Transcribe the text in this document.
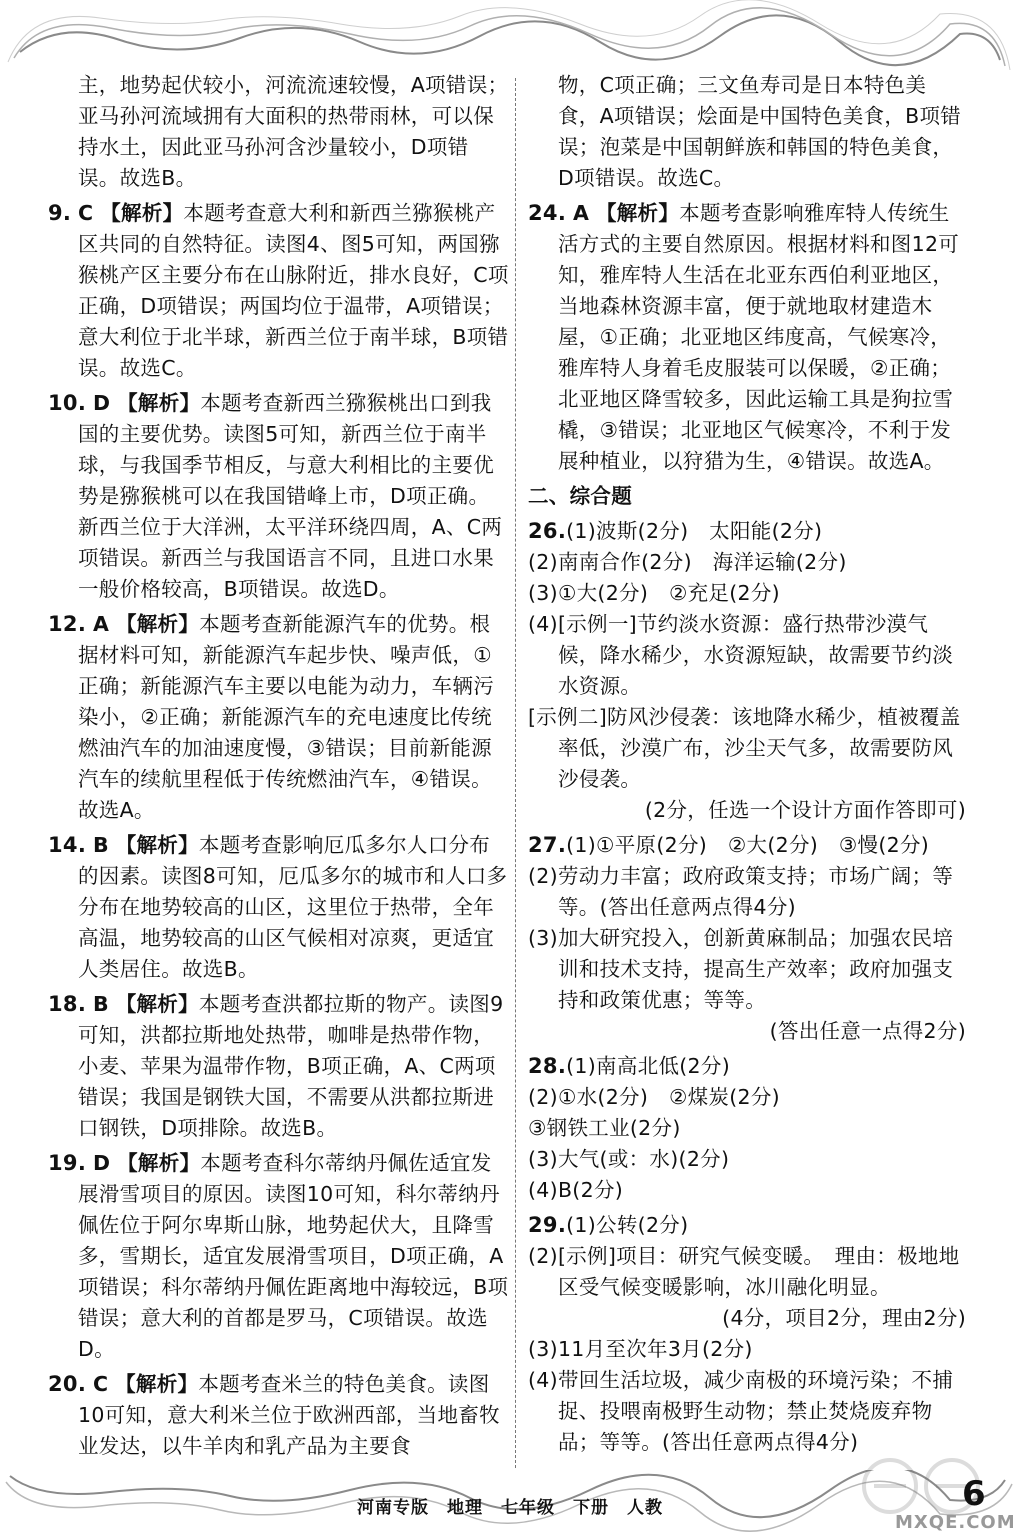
主，地势起伏较小，河流流速较慢，A项错误；亚马孙河流域拥有大面积的热带雨林，可以保持水土，因此亚马孙河含沙量较小，D项错误。故选B。
9. C 【解析】本题考查意大利和新西兰猕猴桃产区共同的自然特征。读图4、图5可知，两国猕猴桃产区主要分布在山脉附近，排水良好，C项正确，D项错误；两国均位于温带，A项错误；意大利位于北半球，新西兰位于南半球，B项错误。故选C。
10. D 【解析】本题考查新西兰猕猴桃出口到我国的主要优势。读图5可知，新西兰位于南半球，与我国季节相反，与意大利相比的主要优势是猕猴桃可以在我国错峰上市，D项正确。新西兰位于大洋洲，太平洋环绕四周，A、C两项错误。新西兰与我国语言不同，且进口水果一般价格较高，B项错误。故选D。
12. A 【解析】本题考查新能源汽车的优势。根据材料可知，新能源汽车起步快、噪声低，①正确；新能源汽车主要以电能为动力，车辆污染小，②正确；新能源汽车的充电速度比传统燃油汽车的加油速度慢，③错误；目前新能源汽车的续航里程低于传统燃油汽车，④错误。故选A。
14. B 【解析】本题考查影响厄瓜多尔人口分布的因素。读图8可知，厄瓜多尔的城市和人口多分布在地势较高的山区，这里位于热带，全年高温，地势较高的山区气候相对凉爽，更适宜人类居住。故选B。
18. B 【解析】本题考查洪都拉斯的物产。读图9可知，洪都拉斯地处热带，咖啡是热带作物，小麦、苹果为温带作物，B项正确，A、C两项错误；我国是钢铁大国，不需要从洪都拉斯进口钢铁，D项排除。故选B。
19. D 【解析】本题考查科尔蒂纳丹佩佐适宜发展滑雪项目的原因。读图10可知，科尔蒂纳丹佩佐位于阿尔卑斯山脉，地势起伏大，且降雪多，雪期长，适宜发展滑雪项目，D项正确，A项错误；科尔蒂纳丹佩佐距离地中海较远，B项错误；意大利的首都是罗马，C项错误。故选D。
20. C 【解析】本题考查米兰的特色美食。读图10可知，意大利米兰位于欧洲西部，当地畜牧业发达，以牛羊肉和乳产品为主要食
物，C项正确；三文鱼寿司是日本特色美食，A项错误；烩面是中国特色美食，B项错误；泡菜是中国朝鲜族和韩国的特色美食，D项错误。故选C。
24. A 【解析】本题考查影响雅库特人传统生活方式的主要自然原因。根据材料和图12可知，雅库特人生活在北亚东西伯利亚地区，当地森林资源丰富，便于就地取材建造木屋，①正确；北亚地区纬度高，气候寒冷，雅库特人身着毛皮服装可以保暖，②正确；北亚地区降雪较多，因此运输工具是狗拉雪橇，③错误；北亚地区气候寒冷，不利于发展种植业，以狩猎为生，④错误。故选A。
二、综合题
26.(1)波斯(2分)　太阳能(2分)
(2)南南合作(2分)　海洋运输(2分)
(3)①大(2分)　②充足(2分)
(4)[示例一]节约淡水资源：盛行热带沙漠气候，降水稀少，水资源短缺，故需要节约淡水资源。
[示例二]防风沙侵袭：该地降水稀少，植被覆盖率低，沙漠广布，沙尘天气多，故需要防风沙侵袭。
(2分，任选一个设计方面作答即可)
27.(1)①平原(2分)　②大(2分)　③慢(2分)
(2)劳动力丰富；政府政策支持；市场广阔；等等。(答出任意两点得4分)
(3)加大研究投入，创新黄麻制品；加强农民培训和技术支持，提高生产效率；政府加强支持和政策优惠；等等。
(答出任意一点得2分)
28.(1)南高北低(2分)
(2)①水(2分)　②煤炭(2分)
③钢铁工业(2分)
(3)大气(或：水)(2分)
(4)B(2分)
29.(1)公转(2分)
(2)[示例]项目：研究气候变暖。　理由：极地地区受气候变暖影响，冰川融化明显。
(4分，项目2分，理由2分)
(3)11月至次年3月(2分)
(4)带回生活垃圾，减少南极的环境污染；不捕捉、投喂南极野生动物；禁止焚烧废弃物品；等等。(答出任意两点得4分)
河南专版　地理　七年级　下册　人教
MXQE.COM
6
